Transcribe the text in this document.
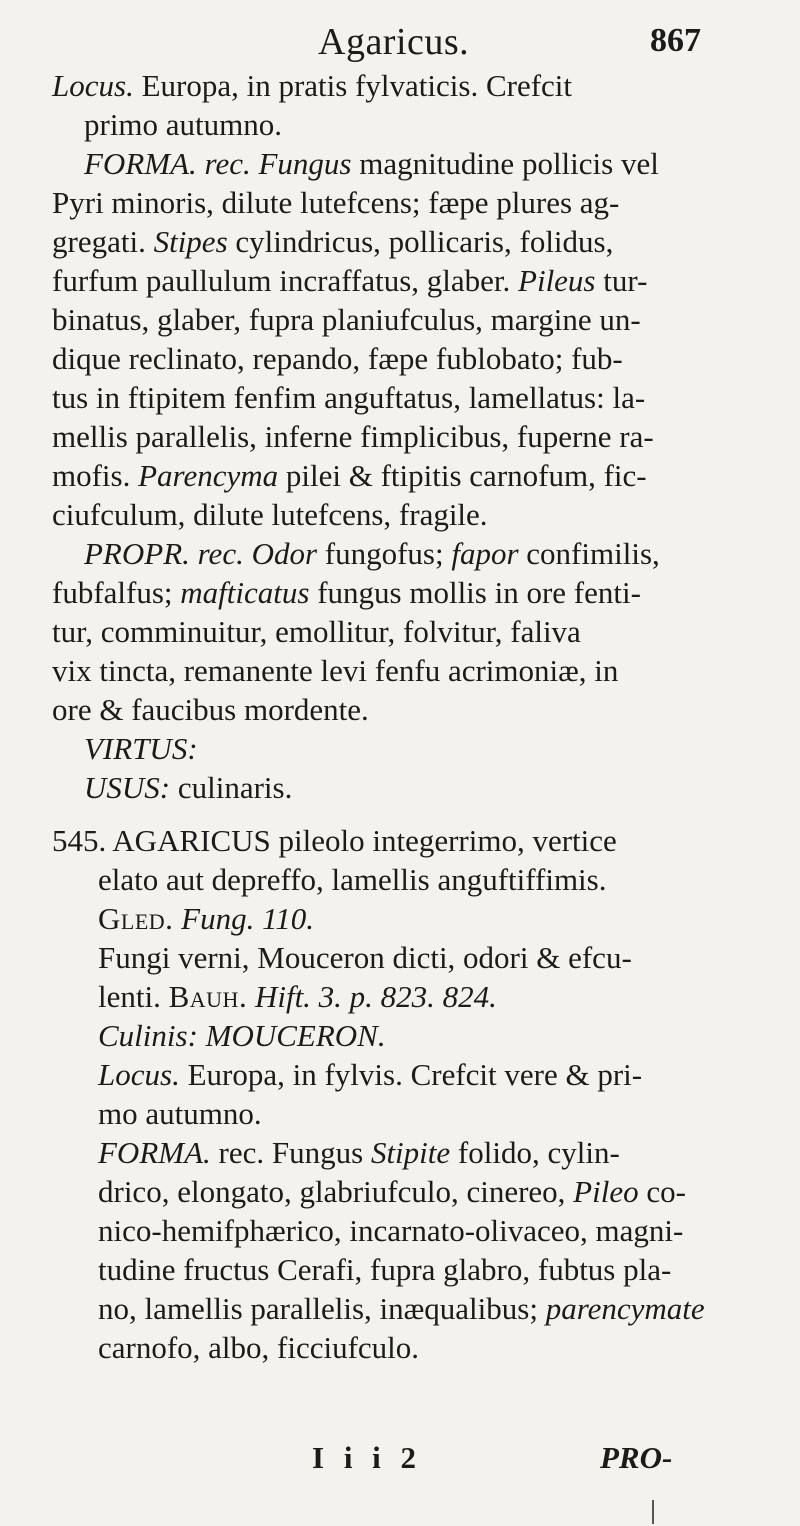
Agaricus.	867
Locus. Europa, in pratis fylvaticis. Crefcit
primo autumno.
FORMA. rec. Fungus magnitudine pollicis vel
Pyri minoris, dilute lutefcens; fæpe plures ag-
gregati. Stipes cylindricus, pollicaris, folidus,
furfum paullulum incraffatus, glaber. Pileus tur-
binatus, glaber, fupra planiufculus, margine un-
dique reclinato, repando, fæpe fublobato; fub-
tus in ftipitem fenfim anguftatus, lamellatus: la-
mellis parallelis, inferne fimplicibus, fuperne ra-
mofis. Parencyma pilei & ftipitis carnofum, fic-
ciufculum, dilute lutefcens, fragile.
PROPR. rec. Odor fungofus; fapor confimilis,
fubfalfus; mafticatus fungus mollis in ore fenti-
tur, comminuitur, emollitur, folvitur, faliva
vix tincta, remanente levi fenfu acrimoniæ, in
ore & faucibus mordente.
VIRTUS:
USUS: culinaris.
545. AGARICUS pileolo integerrimo, vertice
elato aut depreffo, lamellis anguftiffimis.
Gled. Fung. 110.
Fungi verni, Mouceron dicti, odori & efcu-
lenti. Bauh. Hift. 3. p. 823. 824.
Culinis: MOUCERON.
Locus. Europa, in fylvis. Crefcit vere & pri-
mo autumno.
FORMA. rec. Fungus Stipite folido, cylin-
drico, elongato, glabriufculo, cinereo, Pileo co-
nico-hemifphærico, incarnato-olivaceo, magni-
tudine fructus Cerafi, fupra glabro, fubtus pla-
no, lamellis parallelis, inæqualibus; parencymate
carnofo, albo, ficciufculo.
I i i 2	PRO-
